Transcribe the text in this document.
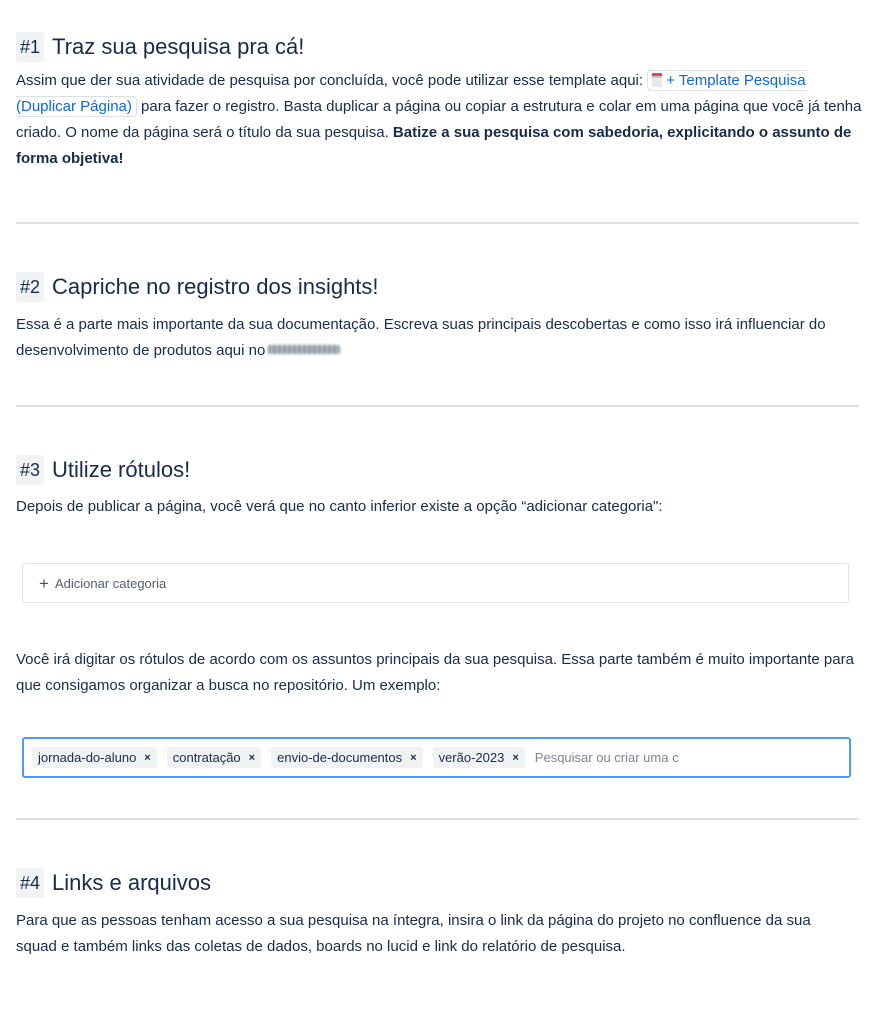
#1 Traz sua pesquisa pra cá!

Assim que der sua atividade de pesquisa por concluída, você pode utilizar esse template aqui: + Template Pesquisa (Duplicar Página) para fazer o registro. Basta duplicar a página ou copiar a estrutura e colar em uma página que você já tenha criado. O nome da página será o título da sua pesquisa. Batize a sua pesquisa com sabedoria, explicitando o assunto de forma objetiva!

#2 Capriche no registro dos insights!

Essa é a parte mais importante da sua documentação. Escreva suas principais descobertas e como isso irá influenciar do desenvolvimento de produtos aqui no

#3 Utilize rótulos!

Depois de publicar a página, você verá que no canto inferior existe a opção “adicionar categoria":

+ Adicionar categoria

Você irá digitar os rótulos de acordo com os assuntos principais da sua pesquisa. Essa parte também é muito importante para que consigamos organizar a busca no repositório. Um exemplo:

jornada-do-aluno × contratação × envio-de-documentos × verão-2023 × Pesquisar ou criar uma c
#4 Links e arquivos

Para que as pessoas tenham acesso a sua pesquisa na íntegra, insira o link da página do projeto no confluence da sua squad e também links das coletas de dados, boards no lucid e link do relatório de pesquisa.
